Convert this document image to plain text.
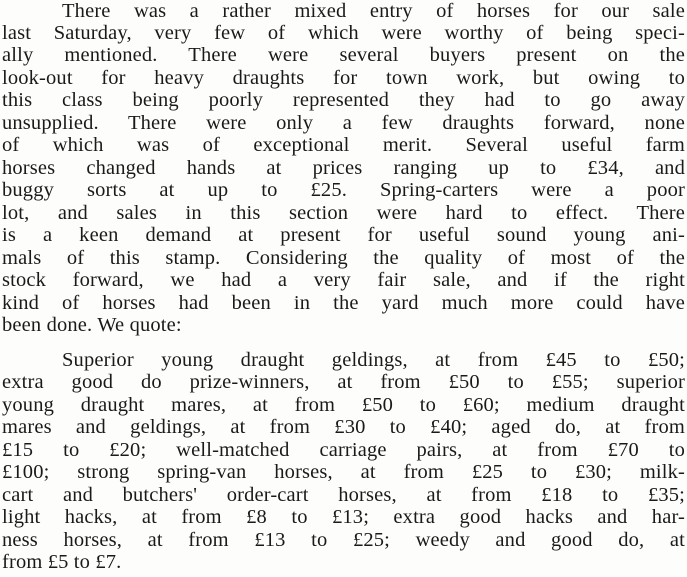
There was a rather mixed entry of horses for our sale
last Saturday, very few of which were worthy of being speci-
ally mentioned. There were several buyers present on the
look-out for heavy draughts for town work, but owing to
this class being poorly represented they had to go away
unsupplied. There were only a few draughts forward, none
of which was of exceptional merit. Several useful farm
horses changed hands at prices ranging up to £34, and
buggy sorts at up to £25. Spring-carters were a poor
lot, and sales in this section were hard to effect. There
is a keen demand at present for useful sound young ani-
mals of this stamp. Considering the quality of most of the
stock forward, we had a very fair sale, and if the right
kind of horses had been in the yard much more could have
been done. We quote:
Superior young draught geldings, at from £45 to £50;
extra good do prize-winners, at from £50 to £55; superior
young draught mares, at from £50 to £60; medium draught
mares and geldings, at from £30 to £40; aged do, at from
£15 to £20; well-matched carriage pairs, at from £70 to
£100; strong spring-van horses, at from £25 to £30; milk-
cart and butchers' order-cart horses, at from £18 to £35;
light hacks, at from £8 to £13; extra good hacks and har-
ness horses, at from £13 to £25; weedy and good do, at
from £5 to £7.
